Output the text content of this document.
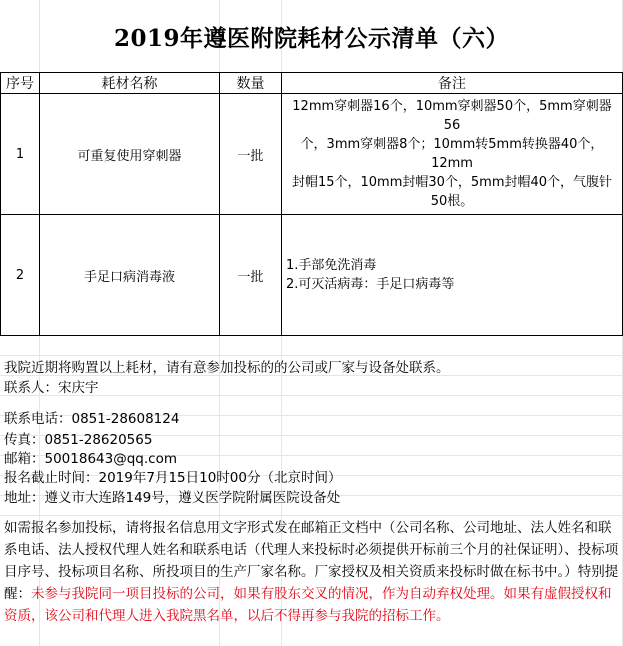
2019年遵医附院耗材公示清单（六）
序号	耗材名称	数量	备注
1	可重复使用穿刺器	一批	12mm穿刺器16个，10mm穿刺器50个，5mm穿刺器56
个，3mm穿刺器8个；10mm转5mm转换器40个，12mm
封帽15个，10mm封帽30个，5mm封帽40个，气腹针
50根。

2	手足口病消毒液	一批	1.手部免洗消毒
2.可灭活病毒：手足口病毒等
我院近期将购置以上耗材，请有意参加投标的的公司或厂家与设备处联系。
联系人：宋庆宇
联系电话：0851-28608124
传真：0851-28620565
邮箱：50018643@qq.com
报名截止时间：2019年7月15日10时00分（北京时间）
地址：遵义市大连路149号，遵义医学院附属医院设备处
如需报名参加投标，请将报名信息用文字形式发在邮箱正文档中（公司名称、公司地址、法人姓名和联系电话、法人授权代理人姓名和联系电话（代理人来投标时必须提供开标前三个月的社保证明）、投标项目序号、投标项目名称、所投项目的生产厂家名称。厂家授权及相关资质来投标时做在标书中。）特别提醒：未参与我院同一项目投标的公司，如果有股东交叉的情况，作为自动弃权处理。如果有虚假授权和资质，该公司和代理人进入我院黑名单，以后不得再参与我院的招标工作。
